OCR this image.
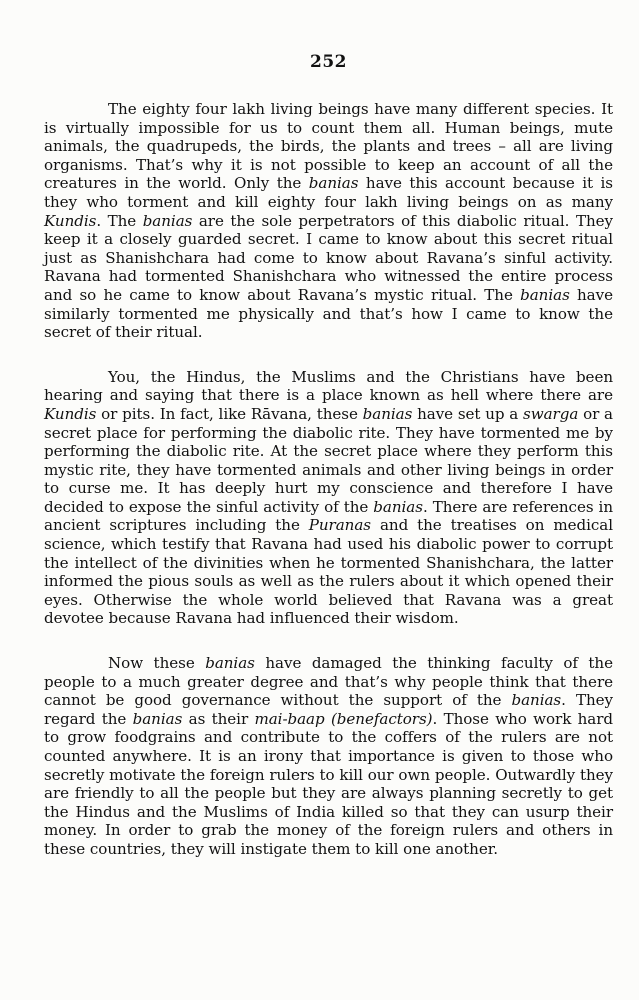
252

The eighty four lakh living beings have many different species. It is virtually impossible for us to count them all. Human beings, mute animals, the quadrupeds, the birds, the plants and trees – all are living organisms. That’s why it is not possible to keep an account of all the creatures in the world. Only the banias have this account because it is they who torment and kill eighty four lakh living beings on as many Kundis. The banias are the sole perpetrators of this diabolic ritual. They keep it a closely guarded secret. I came to know about this secret ritual just as Shanishchara had come to know about Ravana’s sinful activity. Ravana had tormented Shanishchara who witnessed the entire process and so he came to know about Ravana’s mystic ritual. The banias have similarly tormented me physically and that’s how I came to know the secret of their ritual.

You, the Hindus, the Muslims and the Christians have been hearing and saying that there is a place known as hell where there are Kundis or pits. In fact, like Rāvana, these banias have set up a swarga or a secret place for performing the diabolic rite. They have tormented me by performing the diabolic rite. At the secret place where they perform this mystic rite, they have tormented animals and other living beings in order to curse me. It has deeply hurt my conscience and therefore I have decided to expose the sinful activity of the banias. There are references in ancient scriptures including the Puranas and the treatises on medical science, which testify that Ravana had used his diabolic power to corrupt the intellect of the divinities when he tormented Shanishchara, the latter informed the pious souls as well as the rulers about it which opened their eyes. Otherwise the whole world believed that Ravana was a great devotee because Ravana had influenced their wisdom.

Now these banias have damaged the thinking faculty of the people to a much greater degree and that’s why people think that there cannot be good governance without the support of the banias. They regard the banias as their mai-baap (benefactors). Those who work hard to grow foodgrains and contribute to the coffers of the rulers are not counted anywhere. It is an irony that importance is given to those who secretly motivate the foreign rulers to kill our own people. Outwardly they are friendly to all the people but they are always planning secretly to get the Hindus and the Muslims of India killed so that they can usurp their money. In order to grab the money of the foreign rulers and others in these countries, they will instigate them to kill one another.
